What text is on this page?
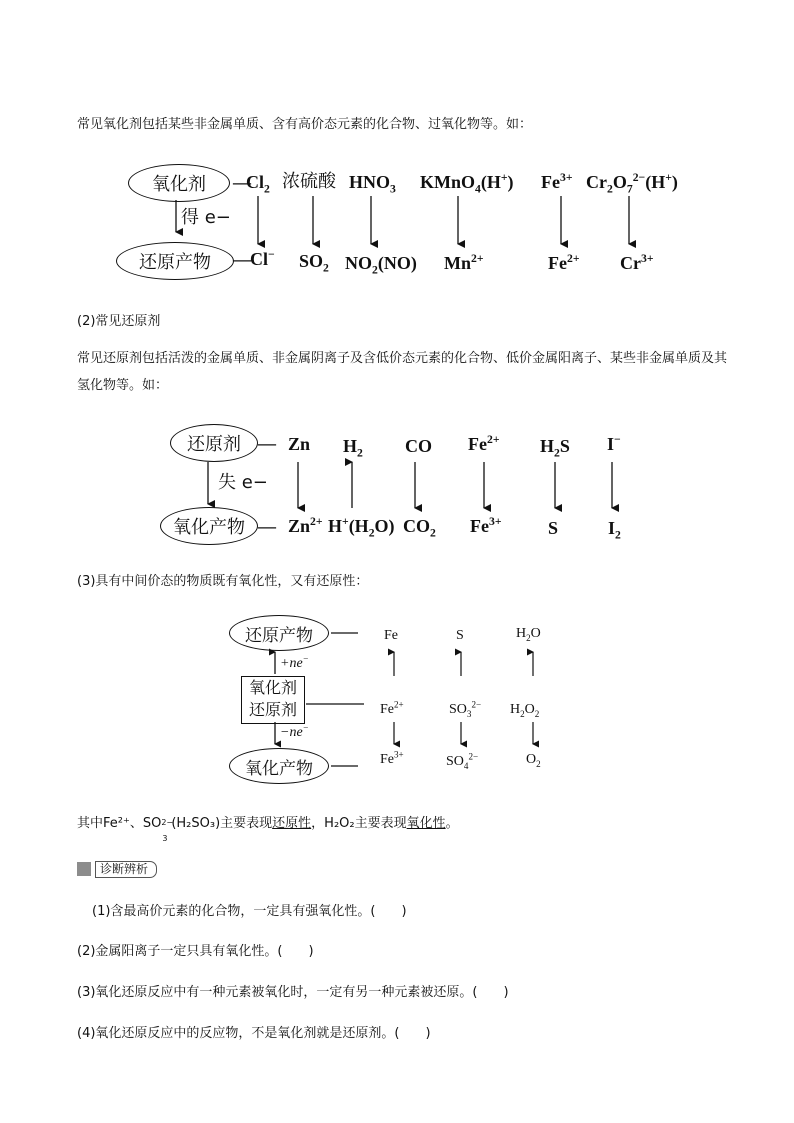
常见氧化剂包括某些非金属单质、含有高价态元素的化合物、过氧化物等。如：

氧化剂
得 e−
还原产物
—
—
$Cl_2$ 浓硫酸 $HNO_3$ KMnO$_4$(H+) $Fe^{3+}$ $Cr_2O_7^{2-}(H^+)$
Cl− $SO_2$ $NO_2(NO)$ $Mn^{2+}$	$Fe^{2+}$ $Cr^{3+}$

(2)常见还原剂

常见还原剂包括活泼的金属单质、非金属阴离子及含低价态元素的化合物、低价金属阳离子、某些非金属单质及其氢化物等。如：

还原剂
失 e−
氧化产物
—
—
Zn $H_2$ CO $Fe^{2+}$ $H_2S$ I−
$Zn^{2+}$ $H^+(H_2O)$ $CO_2$ $Fe^{3+}$	S	$I_2$

(3)具有中间价态的物质既有氧化性，又有还原性：

还原产物
+ne−
氧化剂
还原剂
−ne−
氧化产物
Fe	S	$H_2O$
$Fe^{2+}$	$SO_3^{2-}$ $H_2O_2$
$Fe^{3+}$	$SO_4^{2-}$	$O_2$

其中Fe²⁺、SO 2−
3
(H₂SO₃)主要表现还原性，H₂O₂主要表现氧化性。

诊断辨析

(1)含最高价元素的化合物，一定具有强氧化性。(　　)

(2)金属阳离子一定只具有氧化性。(　　)

(3)氧化还原反应中有一种元素被氧化时，一定有另一种元素被还原。(　　)

(4)氧化还原反应中的反应物，不是氧化剂就是还原剂。(　　)
